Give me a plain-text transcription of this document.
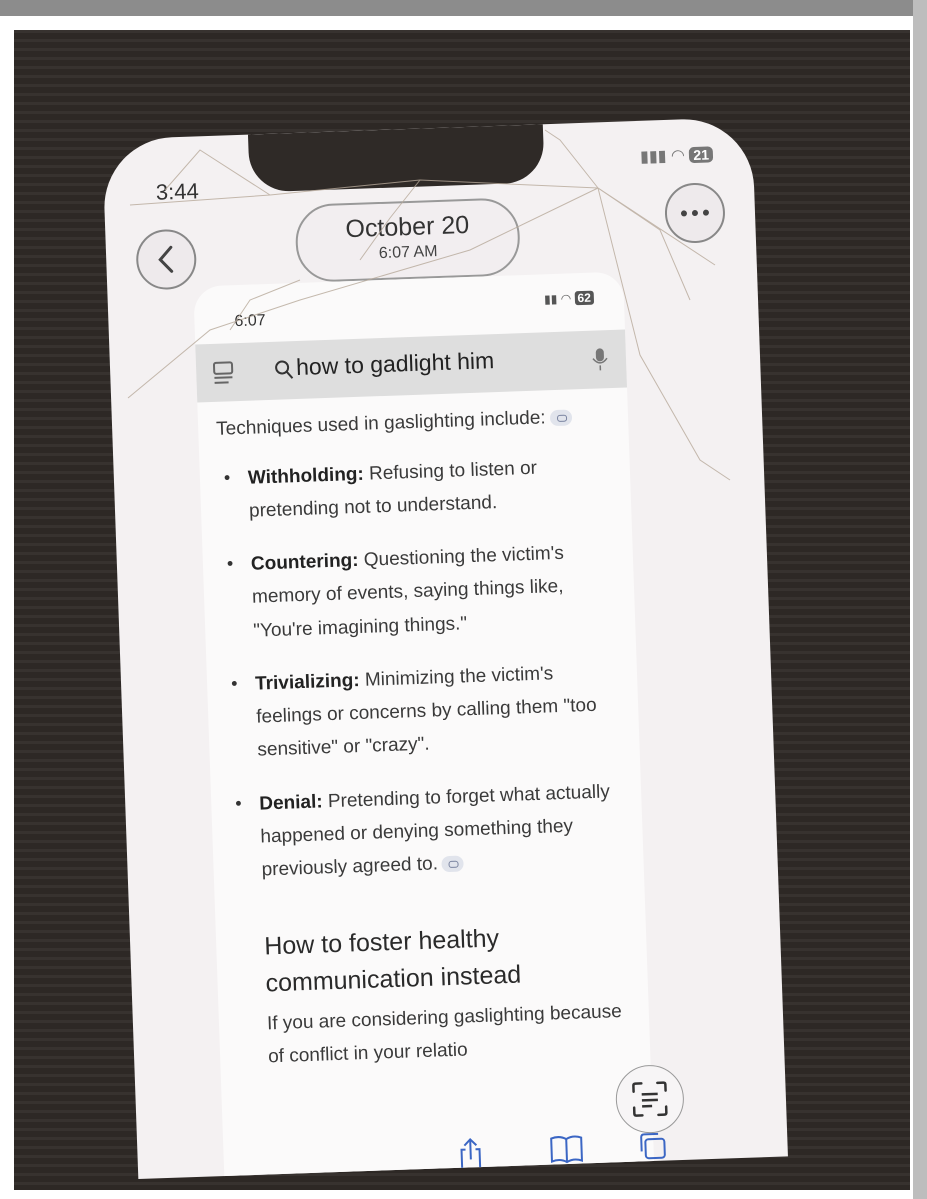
3:44
▮▮▮ ◠ 21
October 20
6:07 AM
6:07
▮▮ ◠ 62
how to gadlight him

Techniques used in gaslighting include:

• Withholding: Refusing to listen or pretending not to understand.
• Countering: Questioning the victim's memory of events, saying things like, "You're imagining things."
• Trivializing: Minimizing the victim's feelings or concerns by calling them "too sensitive" or "crazy".
• Denial: Pretending to forget what actually happened or denying something they previously agreed to.
How to foster healthy communication instead

If you are considering gaslighting because of conflict in your relatio
